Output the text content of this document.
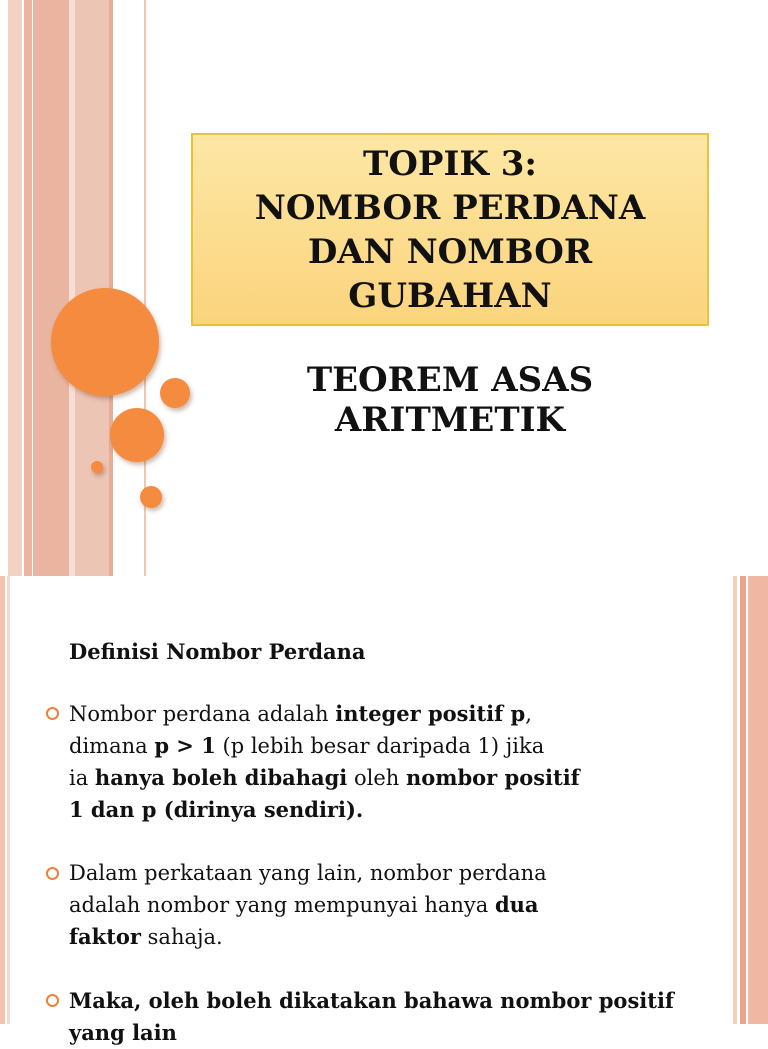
TOPIK 3:
NOMBOR PERDANA
DAN NOMBOR
GUBAHAN
TEOREM ASAS
ARITMETIK
Definisi Nombor Perdana
Nombor perdana adalah integer positif p,
dimana p > 1 (p lebih besar daripada 1) jika
ia hanya boleh dibahagi oleh nombor positif
1 dan p (dirinya sendiri).
Dalam perkataan yang lain, nombor perdana
adalah nombor yang mempunyai hanya dua
faktor sahaja.
Maka, oleh boleh dikatakan bahawa nombor positif yang lain
